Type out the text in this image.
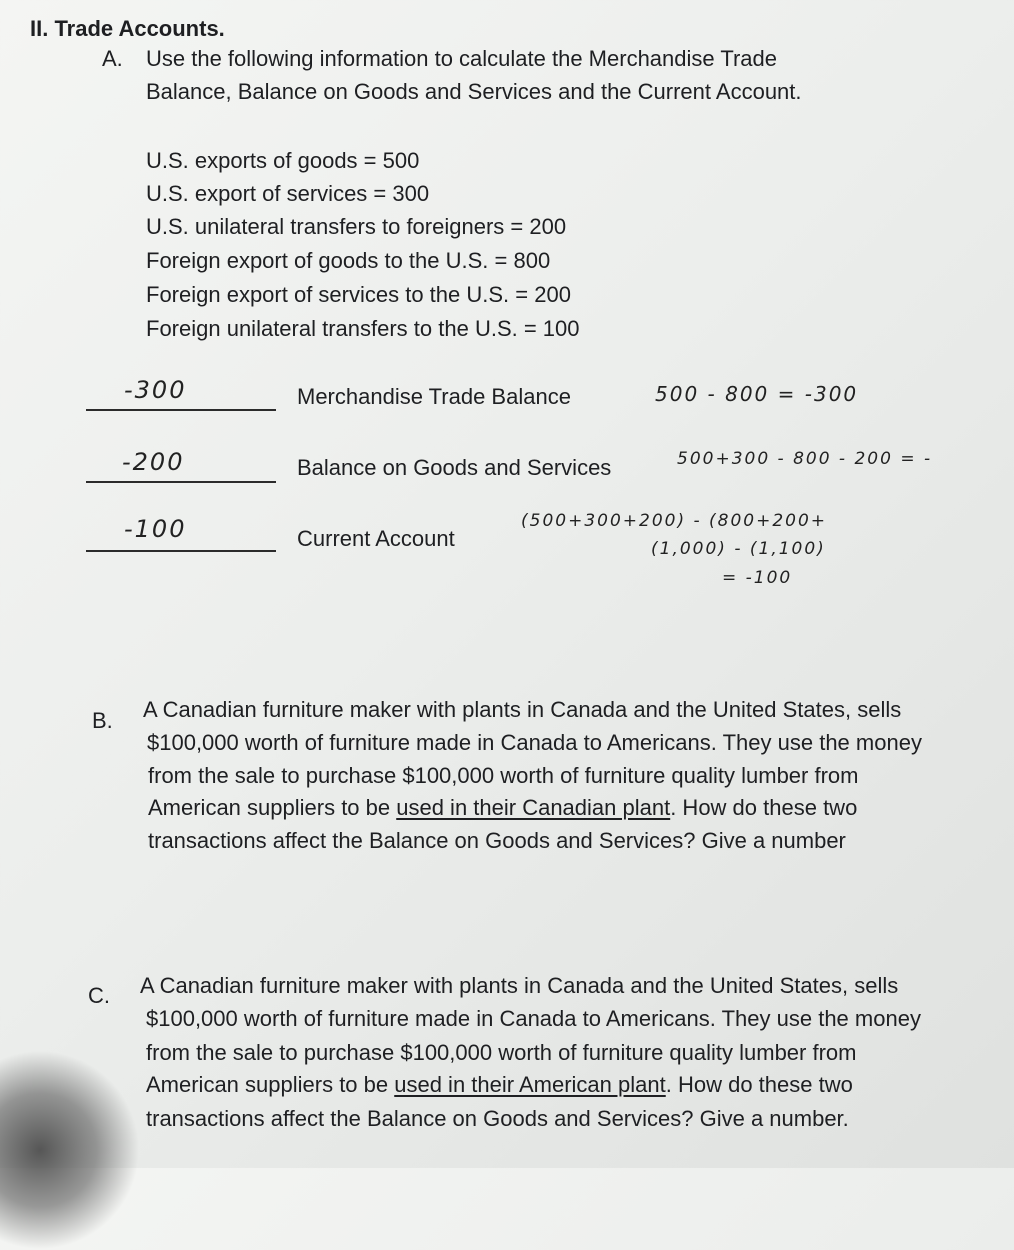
II. Trade Accounts.
A. Use the following information to calculate the Merchandise Trade
Balance, Balance on Goods and Services and the Current Account.
U.S. exports of goods = 500
U.S. export of services = 300
U.S. unilateral transfers to foreigners = 200
Foreign export of goods to the U.S. = 800
Foreign export of services to the U.S. = 200
Foreign unilateral transfers to the U.S. = 100
-300	Merchandise Trade Balance	500 - 800 = -300
-200	Balance on Goods and Services	500+300 - 800 - 200 = -
-100	Current Account
(500+300+200) - (800+200+
(1,000) - (1,100)
= -100
B. A Canadian furniture maker with plants in Canada and the United States, sells
$100,000 worth of furniture made in Canada to Americans. They use the money
from the sale to purchase $100,000 worth of furniture quality lumber from
American suppliers to be used in their Canadian plant. How do these two
transactions affect the Balance on Goods and Services? Give a number
C. A Canadian furniture maker with plants in Canada and the United States, sells
$100,000 worth of furniture made in Canada to Americans. They use the money
from the sale to purchase $100,000 worth of furniture quality lumber from
American suppliers to be used in their American plant. How do these two
transactions affect the Balance on Goods and Services? Give a number.
